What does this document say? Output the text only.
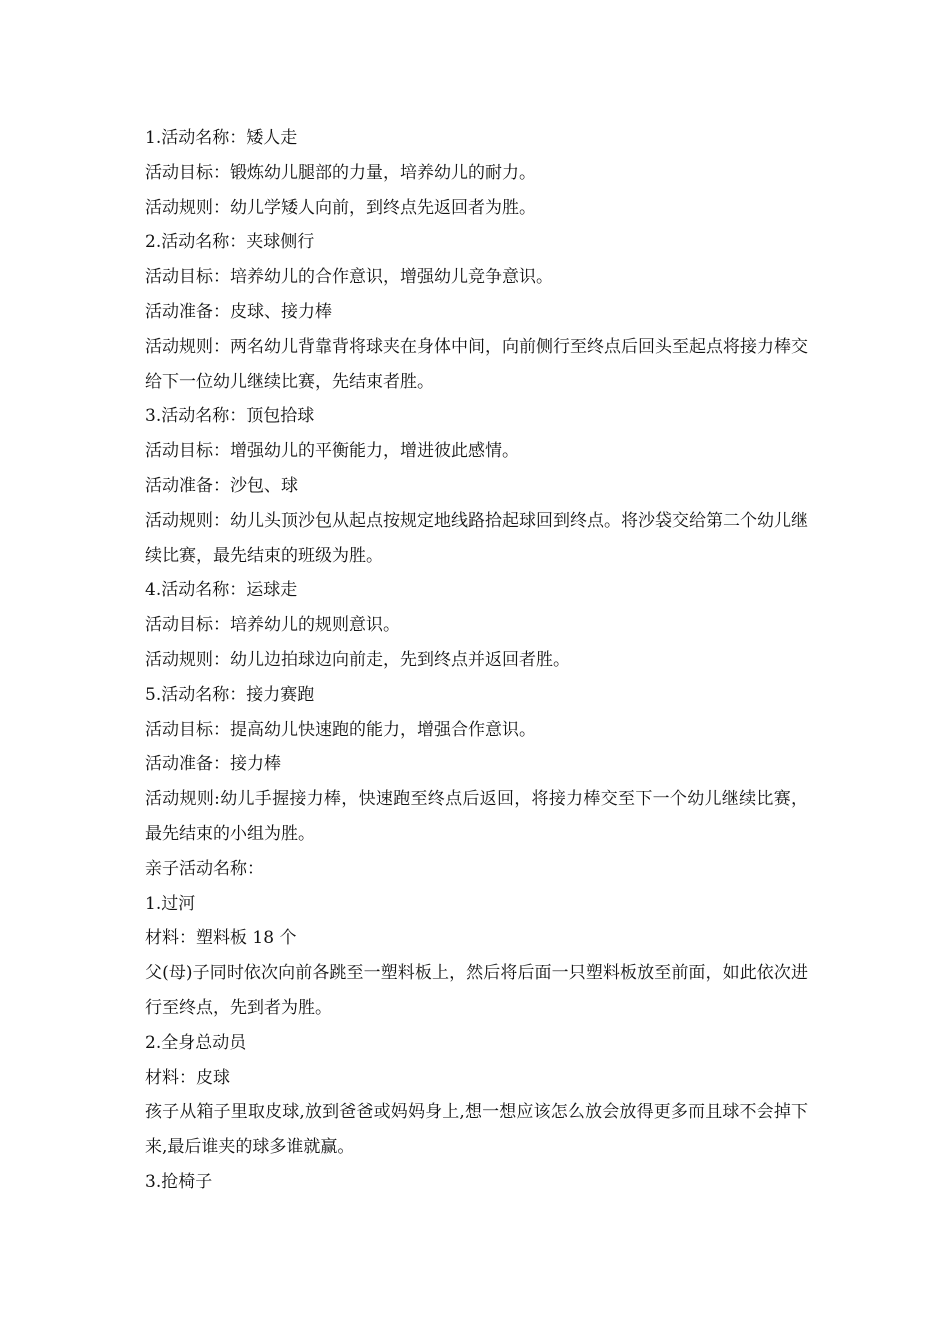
1.活动名称：矮人走

活动目标：锻炼幼儿腿部的力量，培养幼儿的耐力。

活动规则：幼儿学矮人向前，到终点先返回者为胜。

2.活动名称：夹球侧行

活动目标：培养幼儿的合作意识，增强幼儿竞争意识。

活动准备：皮球、接力棒

活动规则：两名幼儿背靠背将球夹在身体中间，向前侧行至终点后回头至起点将接力棒交给下一位幼儿继续比赛，先结束者胜。

3.活动名称：顶包拾球

活动目标：增强幼儿的平衡能力，增进彼此感情。

活动准备：沙包、球

活动规则：幼儿头顶沙包从起点按规定地线路拾起球回到终点。将沙袋交给第二个幼儿继续比赛，最先结束的班级为胜。

4.活动名称：运球走

活动目标：培养幼儿的规则意识。

活动规则：幼儿边拍球边向前走，先到终点并返回者胜。

5.活动名称：接力赛跑

活动目标：提高幼儿快速跑的能力，增强合作意识。

活动准备：接力棒

活动规则:幼儿手握接力棒，快速跑至终点后返回，将接力棒交至下一个幼儿继续比赛，最先结束的小组为胜。

亲子活动名称：

1.过河

材料：塑料板 18 个

父(母)子同时依次向前各跳至一塑料板上，然后将后面一只塑料板放至前面，如此依次进行至终点，先到者为胜。

2.全身总动员

材料：皮球

孩子从箱子里取皮球,放到爸爸或妈妈身上,想一想应该怎么放会放得更多而且球不会掉下来,最后谁夹的球多谁就赢。

3.抢椅子
